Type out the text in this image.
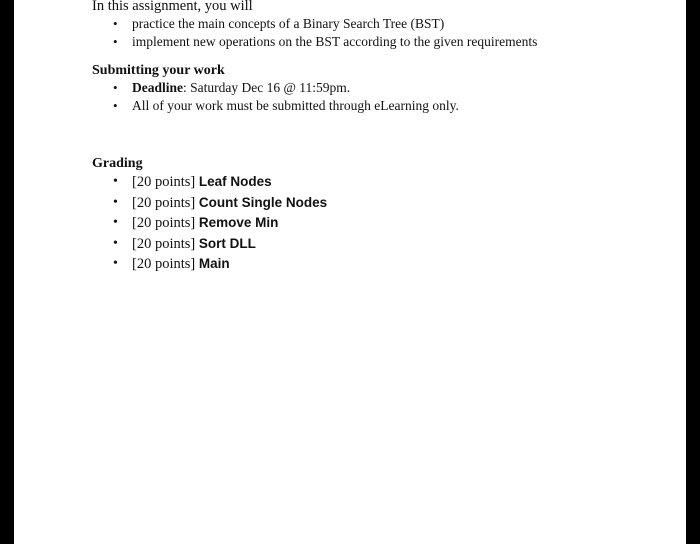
In this assignment, you will

• practice the main concepts of a Binary Search Tree (BST)
• implement new operations on the BST according to the given requirements

Submitting your work

• Deadline: Saturday Dec 16 @ 11:59pm.
• All of your work must be submitted through eLearning only.

Grading

• [20 points] Leaf Nodes
• [20 points] Count Single Nodes
• [20 points] Remove Min
• [20 points] Sort DLL
• [20 points] Main
